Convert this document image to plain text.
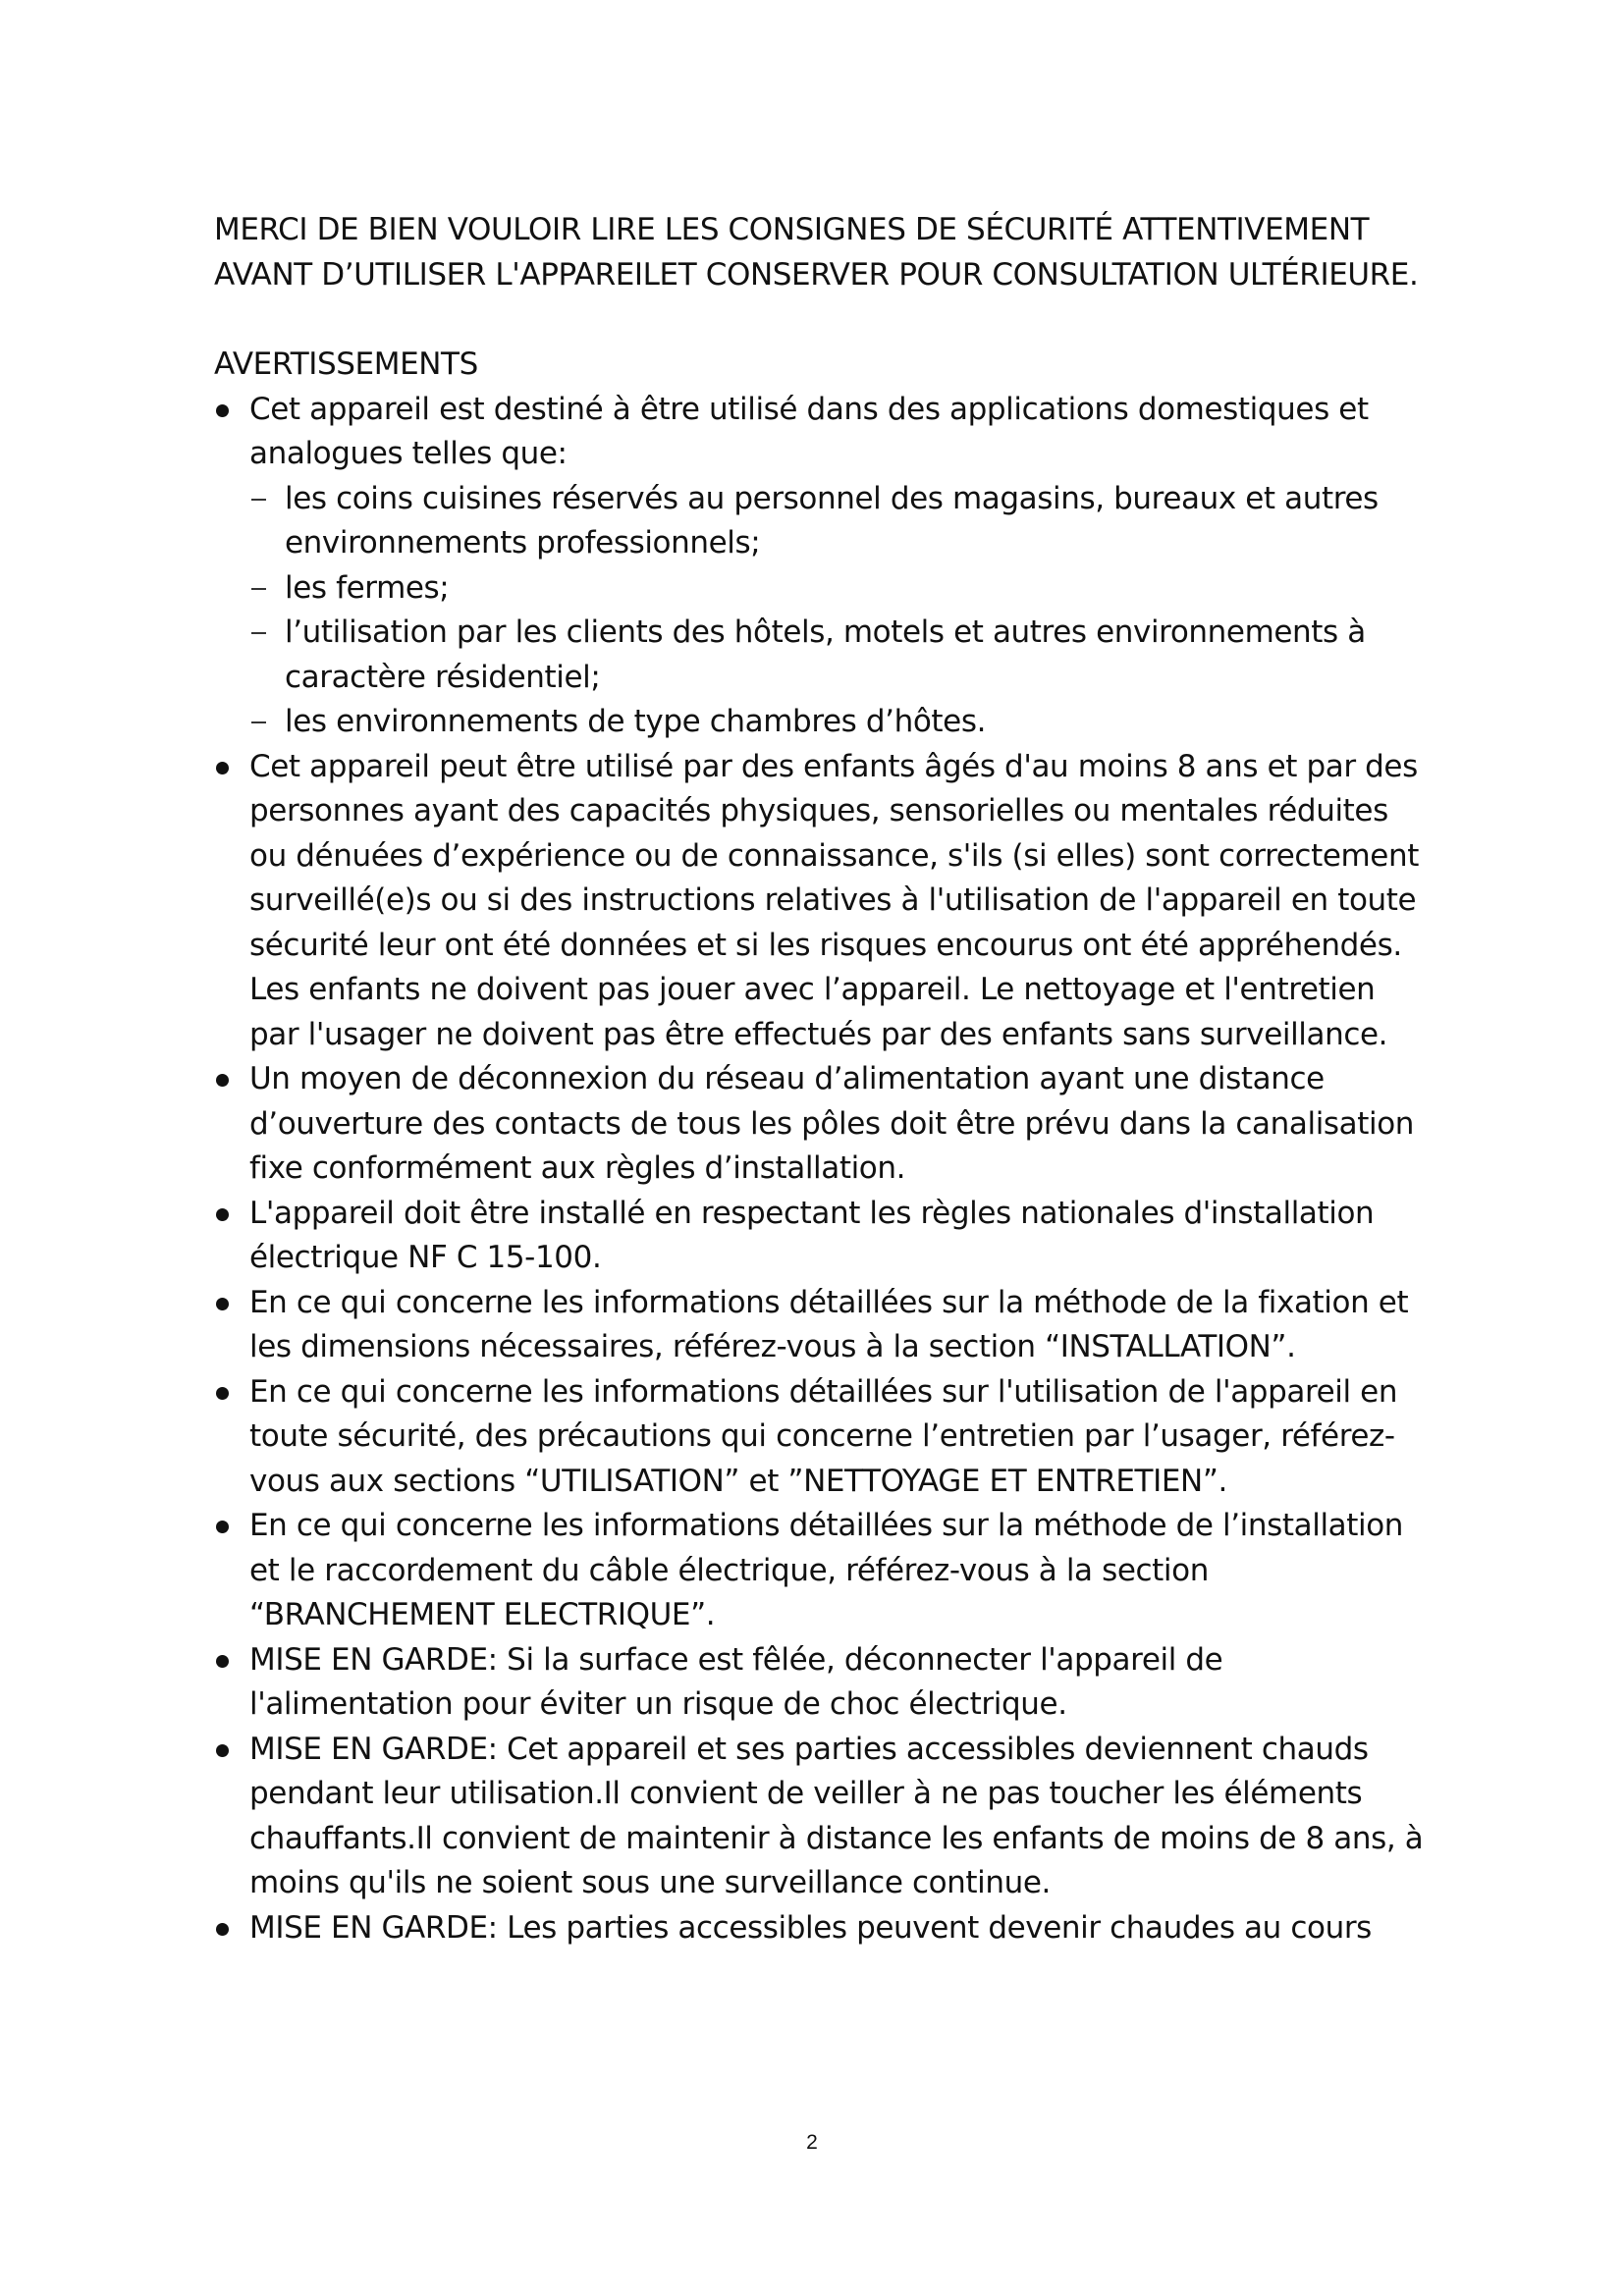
MERCI DE BIEN VOULOIR LIRE LES CONSIGNES DE SÉCURITÉ ATTENTIVEMENT AVANT D’UTILISER L'APPAREILET CONSERVER POUR CONSULTATION ULTÉRIEURE.

AVERTISSEMENTS

Cet appareil est destiné à être utilisé dans des applications domestiques et analogues telles que:
les coins cuisines réservés au personnel des magasins, bureaux et autres environnements professionnels;
les fermes;
l’utilisation par les clients des hôtels, motels et autres environnements à caractère résidentiel;
les environnements de type chambres d’hôtes.
Cet appareil peut être utilisé par des enfants âgés d'au moins 8 ans et par des personnes ayant des capacités physiques, sensorielles ou mentales réduites ou dénuées d’expérience ou de connaissance, s'ils (si elles) sont correctement surveillé(e)s ou si des instructions relatives à l'utilisation de l'appareil en toute sécurité leur ont été données et si les risques encourus ont été appréhendés. Les enfants ne doivent pas jouer avec l’appareil. Le nettoyage et l'entretien par l'usager ne doivent pas être effectués par des enfants sans surveillance.
Un moyen de déconnexion du réseau d’alimentation ayant une distance d’ouverture des contacts de tous les pôles doit être prévu dans la canalisation fixe conformément aux règles d’installation.
L'appareil doit être installé en respectant les règles nationales d'installation électrique NF C 15-100.
En ce qui concerne les informations détaillées sur la méthode de la fixation et les dimensions nécessaires, référez-vous à la section “INSTALLATION”.
En ce qui concerne les informations détaillées sur l'utilisation de l'appareil en toute sécurité, des précautions qui concerne l’entretien par l’usager, référez-vous aux sections “UTILISATION” et ”NETTOYAGE ET ENTRETIEN”.
En ce qui concerne les informations détaillées sur la méthode de l’installation et le raccordement du câble électrique, référez-vous à la section “BRANCHEMENT ELECTRIQUE”.
MISE EN GARDE: Si la surface est fêlée, déconnecter l'appareil de l'alimentation pour éviter un risque de choc électrique.
MISE EN GARDE: Cet appareil et ses parties accessibles deviennent chauds pendant leur utilisation.Il convient de veiller à ne pas toucher les éléments chauffants.Il convient de maintenir à distance les enfants de moins de 8 ans, à moins qu'ils ne soient sous une surveillance continue.
MISE EN GARDE: Les parties accessibles peuvent devenir chaudes au cours
2
